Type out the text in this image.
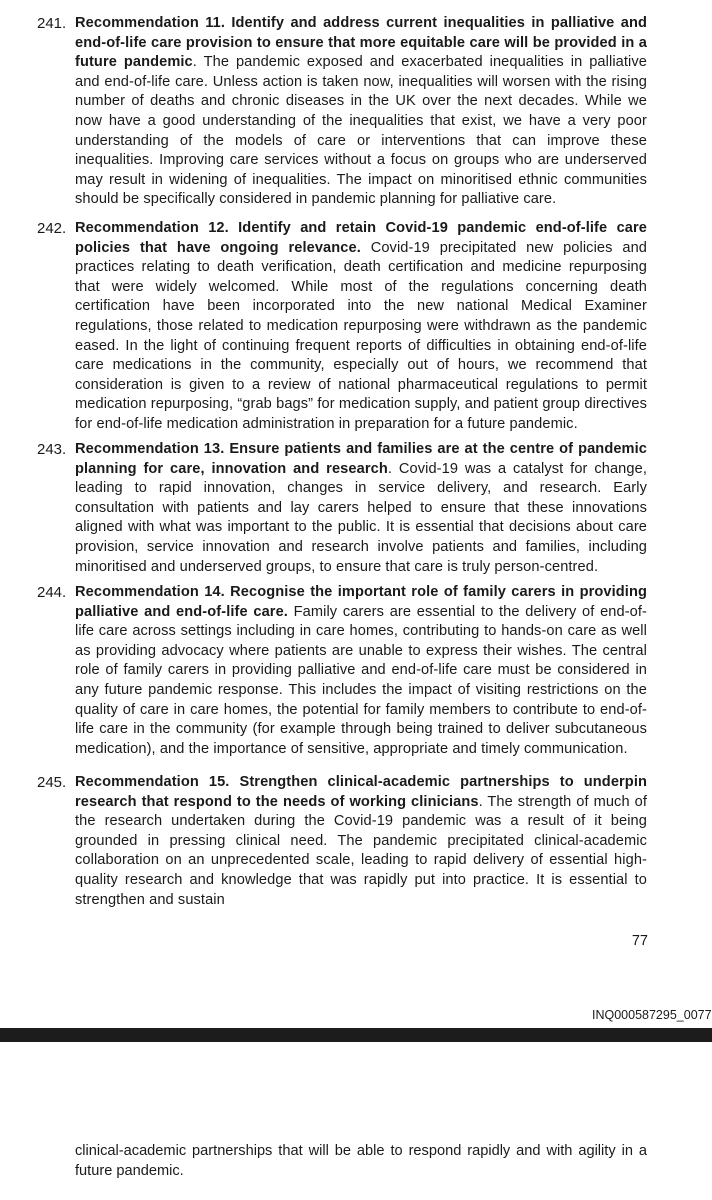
241. Recommendation 11. Identify and address current inequalities in palliative and end-of-life care provision to ensure that more equitable care will be provided in a future pandemic. The pandemic exposed and exacerbated inequalities in palliative and end-of-life care. Unless action is taken now, inequalities will worsen with the rising number of deaths and chronic diseases in the UK over the next decades. While we now have a good understanding of the inequalities that exist, we have a very poor understanding of the models of care or interventions that can improve these inequalities. Improving care services without a focus on groups who are underserved may result in widening of inequalities. The impact on minoritised ethnic communities should be specifically considered in pandemic planning for palliative care.
242. Recommendation 12. Identify and retain Covid-19 pandemic end-of-life care policies that have ongoing relevance. Covid-19 precipitated new policies and practices relating to death verification, death certification and medicine repurposing that were widely welcomed. While most of the regulations concerning death certification have been incorporated into the new national Medical Examiner regulations, those related to medication repurposing were withdrawn as the pandemic eased. In the light of continuing frequent reports of difficulties in obtaining end-of-life care medications in the community, especially out of hours, we recommend that consideration is given to a review of national pharmaceutical regulations to permit medication repurposing, “grab bags” for medication supply, and patient group directives for end-of-life medication administration in preparation for a future pandemic.
243. Recommendation 13. Ensure patients and families are at the centre of pandemic planning for care, innovation and research. Covid-19 was a catalyst for change, leading to rapid innovation, changes in service delivery, and research. Early consultation with patients and lay carers helped to ensure that these innovations aligned with what was important to the public. It is essential that decisions about care provision, service innovation and research involve patients and families, including minoritised and underserved groups, to ensure that care is truly person-centred.
244. Recommendation 14. Recognise the important role of family carers in providing palliative and end-of-life care. Family carers are essential to the delivery of end-of-life care across settings including in care homes, contributing to hands-on care as well as providing advocacy where patients are unable to express their wishes. The central role of family carers in providing palliative and end-of-life care must be considered in any future pandemic response. This includes the impact of visiting restrictions on the quality of care in care homes, the potential for family members to contribute to end-of-life care in the community (for example through being trained to deliver subcutaneous medication), and the importance of sensitive, appropriate and timely communication.
245. Recommendation 15. Strengthen clinical-academic partnerships to underpin research that respond to the needs of working clinicians. The strength of much of the research undertaken during the Covid-19 pandemic was a result of it being grounded in pressing clinical need. The pandemic precipitated clinical-academic collaboration on an unprecedented scale, leading to rapid delivery of essential high-quality research and knowledge that was rapidly put into practice. It is essential to strengthen and sustain
77
INQ000587295_0077
clinical-academic partnerships that will be able to respond rapidly and with agility in a future pandemic.
